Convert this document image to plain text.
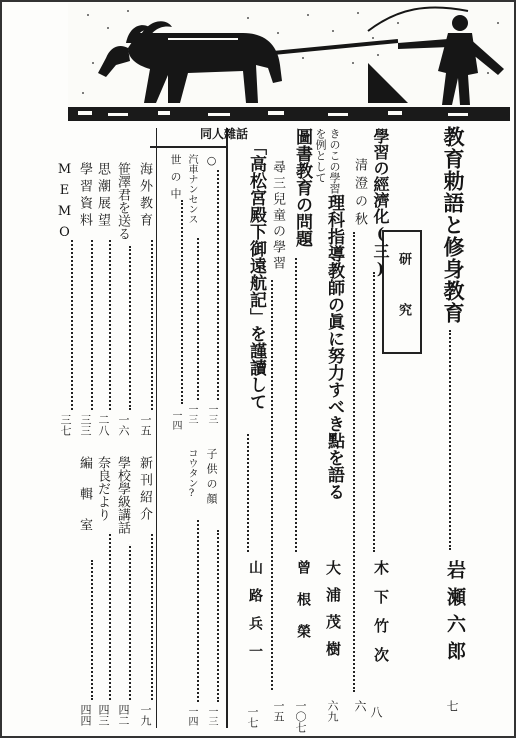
教育勅語と修身教育
岩瀬六郎
七
研究
學習の經濟化(三)
木下竹次
八
清澄の秋
六
きのこの學習
を例として
理科指導教師の眞に努力すべき點を語る
大浦茂樹
六九
圖書教育の問題
曾根榮
一〇七
尋三兒童の學習
一五
「高松宮殿下御遠航記」を謹讀して
山路兵一
一七
同人雜話
○
一三
汽車ナンセンス
一三
世の中
一四
子供の顏
一三
コウタン?
一四
海外教育
一五
笹澤君を送る
一六
思潮展望
二八
學習資料
三三
MEMO
三七
新刊紹介
一九
學校學級講話
四二
奈良だより
四三
編輯室
四四
